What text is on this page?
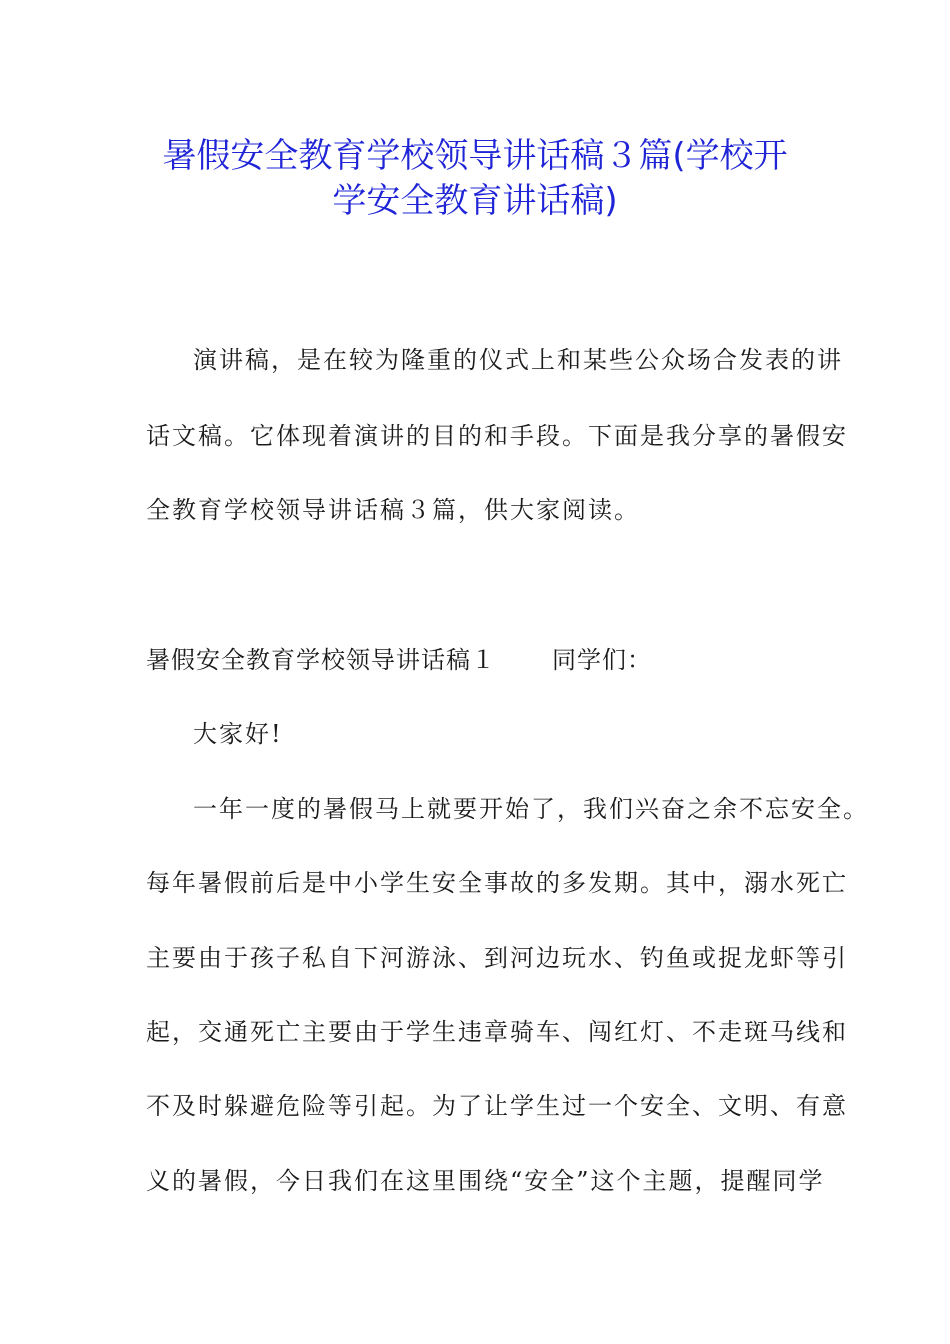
暑假安全教育学校领导讲话稿３篇(学校开
学安全教育讲话稿)
演讲稿，是在较为隆重的仪式上和某些公众场合发表的讲
话文稿。它体现着演讲的目的和手段。下面是我分享的暑假安
全教育学校领导讲话稿３篇，供大家阅读。
暑假安全教育学校领导讲话稿１ 同学们：
大家好!
一年一度的暑假马上就要开始了，我们兴奋之余不忘安全。
每年暑假前后是中小学生安全事故的多发期。其中，溺水死亡
主要由于孩子私自下河游泳、到河边玩水、钓鱼或捉龙虾等引
起，交通死亡主要由于学生违章骑车、闯红灯、不走斑马线和
不及时躲避危险等引起。为了让学生过一个安全、文明、有意
义的暑假，今日我们在这里围绕“安全”这个主题，提醒同学
